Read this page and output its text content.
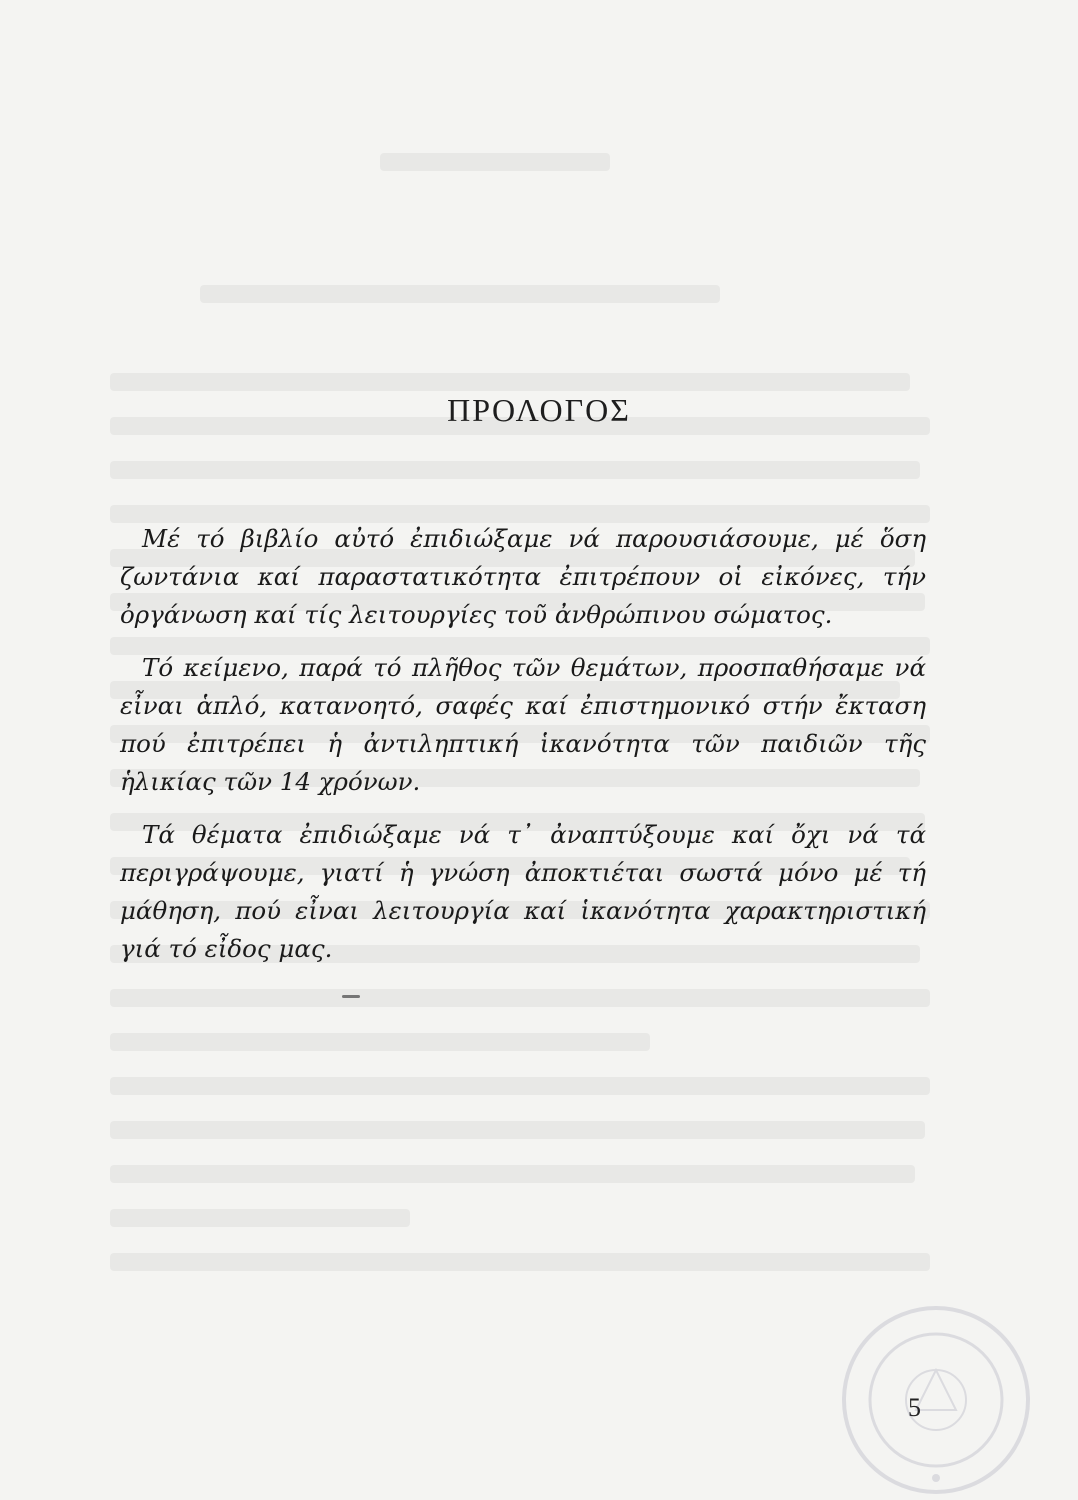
ΠΡΟΛΟΓΟΣ

Μέ τό βιβλίο αὐτό ἐπιδιώξαμε νά παρουσιάσουμε, μέ ὅση ζωντάνια καί παραστατικότητα ἐπιτρέπουν οἱ εἰκόνες, τήν ὀργάνωση καί τίς λειτουργίες τοῦ ἀνθρώπινου σώματος.

Τό κείμενο, παρά τό πλῆθος τῶν θεμάτων, προσπαθήσαμε νά εἶναι ἁπλό, κατανοητό, σαφές καί ἐπιστημονικό στήν ἔκταση πού ἐπιτρέπει ἡ ἀντιληπτική ἱκανότητα τῶν παιδιῶν τῆς ἡλικίας τῶν 14 χρόνων.

Τά θέματα ἐπιδιώξαμε νά τ᾽ ἀναπτύξουμε καί ὄχι νά τά περιγράψουμε, γιατί ἡ γνώση ἀποκτιέται σωστά μόνο μέ τή μάθηση, πού εἶναι λειτουργία καί ἱκανότητα χαρακτηριστική γιά τό εἶδος μας.

5
